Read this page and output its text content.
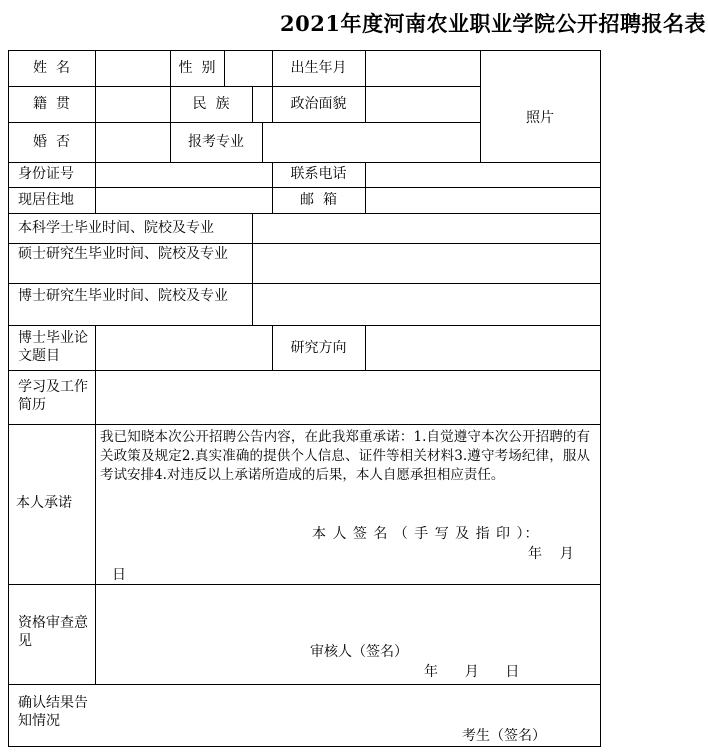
2021年度河南农业职业学院公开招聘报名表
姓  名	性  别	出生年月
照片
籍  贯	民  族	政治面貌
婚  否	报考专业
身份证号	联系电话
现居住地	邮  箱
本科学士毕业时间、院校及专业
硕士研究生毕业时间、院校及专业
博士研究生毕业时间、院校及专业
博士毕业论文题目	研究方向
学习及工作简历
本人承诺
我已知晓本次公开招聘公告内容，在此我郑重承诺：1.自觉遵守本次公开招聘的有关政策及规定2.真实准确的提供个人信息、证件等相关材料3.遵守考场纪律，服从考试安排4.对违反以上承诺所造成的后果，本人自愿承担相应责任。
本 人 签 名 （ 手 写 及 指 印 ）：
年    月
日
资格审查意见
审核人（签名）
年      月      日
确认结果告知情况
考生（签名）
